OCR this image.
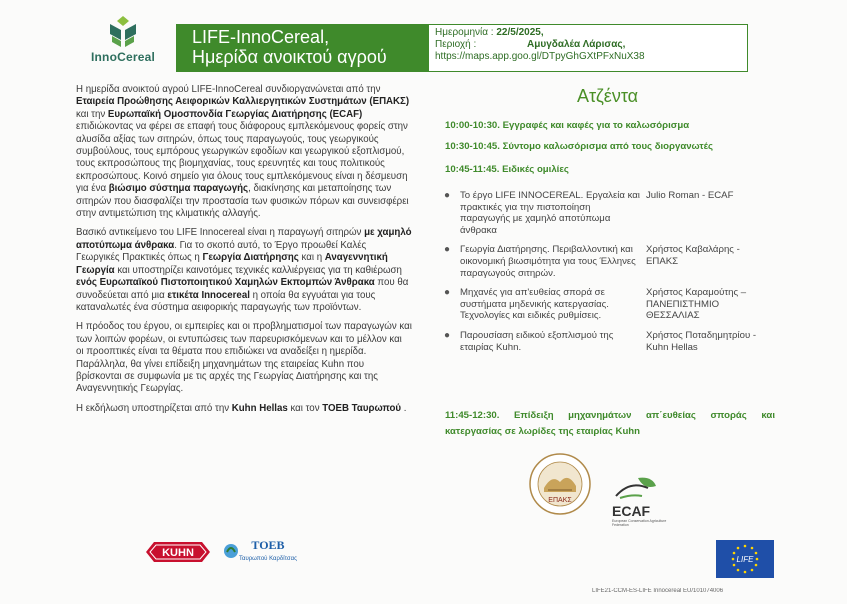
InnoCereal
LIFE-InnoCereal,
Ημερίδα ανοικτού αγρού
Ημερομηνία : 22/5/2025,
Περιοχή :	Αμυγδαλέα Λάρισας,
https://maps.app.goo.gl/DTpyGhGXtPFxNuX38

Η ημερίδα ανοικτού αγρού LIFE-InnoCereal συνδιοργανώνεται από την Εταιρεία Προώθησης Αειφορικών Καλλιεργητικών Συστημάτων (ΕΠΑΚΣ) και την Ευρωπαϊκή Ομοσπονδία Γεωργίας Διατήρησης (ECAF) επιδιώκοντας να φέρει σε επαφή τους διάφορους εμπλεκόμενους φορείς στην αλυσίδα αξίας των σιτηρών, όπως τους παραγωγούς, τους γεωργικούς συμβούλους, τους εμπόρους γεωργικών εφοδίων και γεωργικού εξοπλισμού, τους εκπροσώπους της βιομηχανίας, τους ερευνητές και τους πολιτικούς εκπροσώπους. Κοινό σημείο για όλους τους εμπλεκόμενους είναι η δέσμευση για ένα βιώσιμο σύστημα παραγωγής, διακίνησης και μεταποίησης των σιτηρών που διασφαλίζει την προστασία των φυσικών πόρων και συνεισφέρει στην αντιμετώπιση της κλιματικής αλλαγής.

Βασικό αντικείμενο του LIFE Innocereal είναι η παραγωγή σιτηρών με χαμηλό αποτύπωμα άνθρακα. Για το σκοπό αυτό, το Έργο προωθεί Καλές Γεωργικές Πρακτικές όπως η Γεωργία Διατήρησης και η Αναγεννητική Γεωργία και υποστηρίζει καινοτόμες τεχνικές καλλιέργειας για τη καθιέρωση ενός Ευρωπαϊκού Πιστοποιητικού Χαμηλών Εκπομπών Άνθρακα που θα συνοδεύεται από μια ετικέτα Innocereal η οποία θα εγγυάται για τους καταναλωτές ένα σύστημα αειφορικής παραγωγής των προϊόντων.

Η πρόοδος του έργου, οι εμπειρίες και οι προβληματισμοί των παραγωγών και των λοιπών φορέων, οι εντυπώσεις των παρευρισκόμενων και το μέλλον και οι προοπτικές είναι τα θέματα που επιδιώκει να αναδείξει η ημερίδα. Παράλληλα, θα γίνει επίδειξη μηχανημάτων της εταιρείας Kuhn που βρίσκονται σε συμφωνία με τις αρχές της Γεωργίας Διατήρησης και της Αναγεννητικής Γεωργίας.

Η εκδήλωση υποστηρίζεται από την Kuhn Hellas και τον ΤΟΕΒ Ταυρωπού .

Ατζέντα
10:00-10:30. Εγγραφές και καφές για το καλωσόρισμα
10:30-10:45. Σύντομο καλωσόρισμα από τους διοργανωτές
10:45-11:45. Ειδικές ομιλίες
●	Το έργο LIFE INNOCEREAL. Εργαλεία και πρακτικές για την πιστοποίηση παραγωγής με χαμηλό αποτύπωμα άνθρακα
Julio Roman - ECAF
●	Γεωργία Διατήρησης. Περιβαλλοντική και οικονομική βιωσιμότητα για τους Έλληνες παραγωγούς σιτηρών.
Χρήστος Καβαλάρης - ΕΠΑΚΣ
●	Μηχανές για απ'ευθείας σπορά σε συστήματα μηδενικής κατεργασίας. Τεχνολογίες και ειδικές ρυθμίσεις.
Χρήστος Καραμούτης – ΠΑΝΕΠΙΣΤΗΜΙΟ ΘΕΣΣΑΛΙΑΣ
●	Παρουσίαση ειδικού εξοπλισμού της εταιρίας Kuhn.
Χρήστος Ποταδημητρίου - Kuhn Hellas
11:45-12:30. Επίδειξη μηχανημάτων απ΄ευθείας σποράς και κατεργασίας σε λωρίδες της εταιρίας Kuhn
ΕΠΑΚΣ
ECAF
European Conservation Agriculture Federation
KUHN
ΤΟΕΒ
Ταυρωπού Καρδίτσας	LIFE
LIFE21-CCM-ES-LIFE Innocereal EU/101074006
